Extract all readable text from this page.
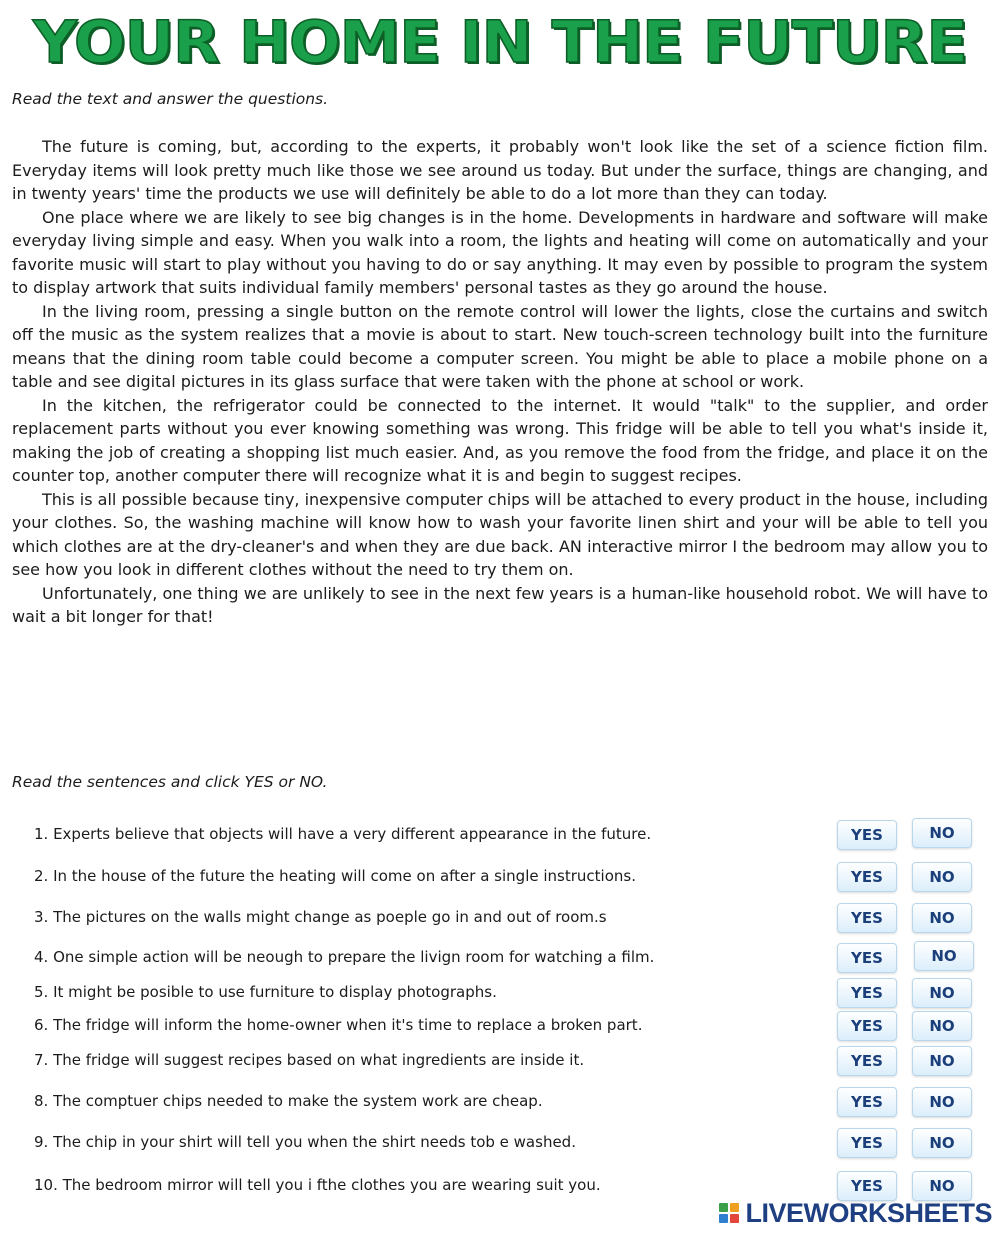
YOUR HOME IN THE FUTURE
Read the text and answer the questions.

The future is coming, but, according to the experts, it probably won't look like the set of a science fiction film. Everyday items will look pretty much like those we see around us today. But under the surface, things are changing, and in twenty years' time the products we use will definitely be able to do a lot more than they can today.

One place where we are likely to see big changes is in the home. Developments in hardware and software will make everyday living simple and easy. When you walk into a room, the lights and heating will come on automatically and your favorite music will start to play without you having to do or say anything. It may even by possible to program the system to display artwork that suits individual family members' personal tastes as they go around the house.

In the living room, pressing a single button on the remote control will lower the lights, close the curtains and switch off the music as the system realizes that a movie is about to start. New touch-screen technology built into the furniture means that the dining room table could become a computer screen. You might be able to place a mobile phone on a table and see digital pictures in its glass surface that were taken with the phone at school or work.

In the kitchen, the refrigerator could be connected to the internet. It would "talk" to the supplier, and order replacement parts without you ever knowing something was wrong. This fridge will be able to tell you what's inside it, making the job of creating a shopping list much easier. And, as you remove the food from the fridge, and place it on the counter top, another computer there will recognize what it is and begin to suggest recipes.

This is all possible because tiny, inexpensive computer chips will be attached to every product in the house, including your clothes. So, the washing machine will know how to wash your favorite linen shirt and your will be able to tell you which clothes are at the dry-cleaner's and when they are due back. AN interactive mirror I the bedroom may allow you to see how you look in different clothes without the need to try them on.

Unfortunately, one thing we are unlikely to see in the next few years is a human-like household robot. We will have to wait a bit longer for that!

Read the sentences and click YES or NO.
1. Experts believe that objects will have a very different appearance in the future.	YES	NO
2. In the house of the future the heating will come on after a single instructions.	YES	NO
3. The pictures on the walls might change as poeple go in and out of room.s	YES	NO
4. One simple action will be neough to prepare the livign room for watching a film.	YES	NO
5. It might be posible to use furniture to display photographs.	YES	NO
6. The fridge will inform the home-owner when it's time to replace a broken part.	YES	NO
7. The fridge will suggest recipes based on what ingredients are inside it.	YES	NO
8. The comptuer chips needed to make the system work are cheap.	YES	NO
9. The chip in your shirt will tell you when the shirt needs tob e washed.	YES	NO
10. The bedroom mirror will tell you i fthe clothes you are wearing suit you.	YES	NO
LIVEWORKSHEETS
